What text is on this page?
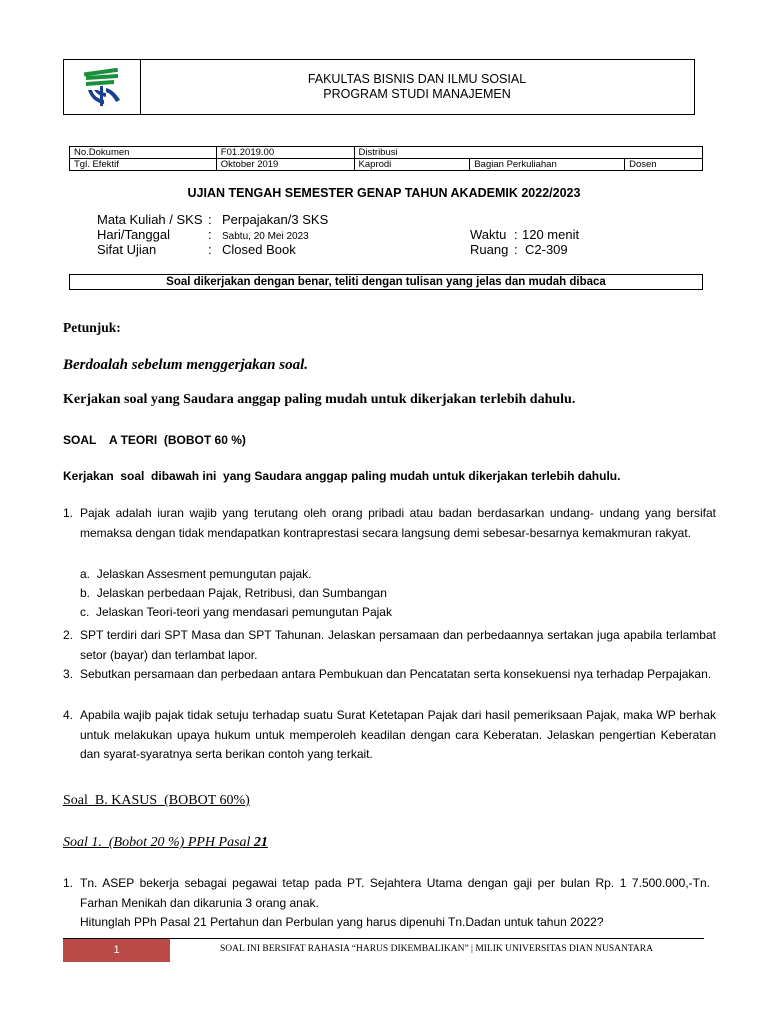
FAKULTAS BISNIS DAN ILMU SOSIAL
PROGRAM STUDI MANAJEMEN
No.Dokumen	F01.2019.00	Distribusi		
Tgl. Efektif	Oktober 2019	Kaprodi	Bagian Perkuliahan	Dosen
UJIAN TENGAH SEMESTER GENAP TAHUN AKADEMIK 2022/2023
Mata Kuliah / SKS : Perpajakan/3 SKS
Hari/Tanggal	: Sabtu, 20 Mei 2023
Sifat Ujian	: Closed Book
Waktu : 120 menit
Ruang : C2-309
Soal dikerjakan dengan benar, teliti dengan tulisan yang jelas dan mudah dibaca
Petunjuk:
Berdoalah sebelum menggerjakan soal.
Kerjakan soal yang Saudara anggap paling mudah untuk dikerjakan terlebih dahulu.
SOAL    A TEORI  (BOBOT 60 %)
Kerjakan  soal  dibawah ini  yang Saudara anggap paling mudah untuk dikerjakan terlebih dahulu.
1. Pajak adalah iuran wajib yang terutang oleh orang pribadi atau badan berdasarkan undang- undang yang bersifat memaksa dengan tidak mendapatkan kontraprestasi secara langsung demi sebesar-besarnya kemakmuran rakyat.
a. Jelaskan Assesment pemungutan pajak.
b. Jelaskan perbedaan Pajak, Retribusi, dan Sumbangan
c. Jelaskan Teori-teori yang mendasari pemungutan Pajak
2. SPT terdiri dari SPT Masa dan SPT Tahunan. Jelaskan persamaan dan perbedaannya sertakan juga apabila terlambat setor (bayar) dan terlambat lapor.
3. Sebutkan persamaan dan perbedaan antara Pembukuan dan Pencatatan serta konsekuensi nya terhadap Perpajakan.
4. Apabila wajib pajak tidak setuju terhadap suatu Surat Ketetapan Pajak dari hasil pemeriksaan Pajak, maka WP berhak untuk melakukan upaya hukum untuk memperoleh keadilan dengan cara Keberatan. Jelaskan pengertian Keberatan dan syarat-syaratnya serta berikan contoh yang terkait.
Soal  B. KASUS  (BOBOT 60%)
Soal 1.  (Bobot 20 %) PPH Pasal 21
1. Tn. ASEP bekerja sebagai pegawai tetap pada PT. Sejahtera Utama dengan gaji per bulan Rp. 1 7.500.000,-Tn. Farhan Menikah dan dikarunia 3 orang anak.
Hitunglah PPh Pasal 21 Pertahun dan Perbulan yang harus dipenuhi Tn.Dadan untuk tahun 2022?
1	SOAL INI BERSIFAT RAHASIA “HARUS DIKEMBALIKAN” | MILIK UNIVERSITAS DIAN NUSANTARA
